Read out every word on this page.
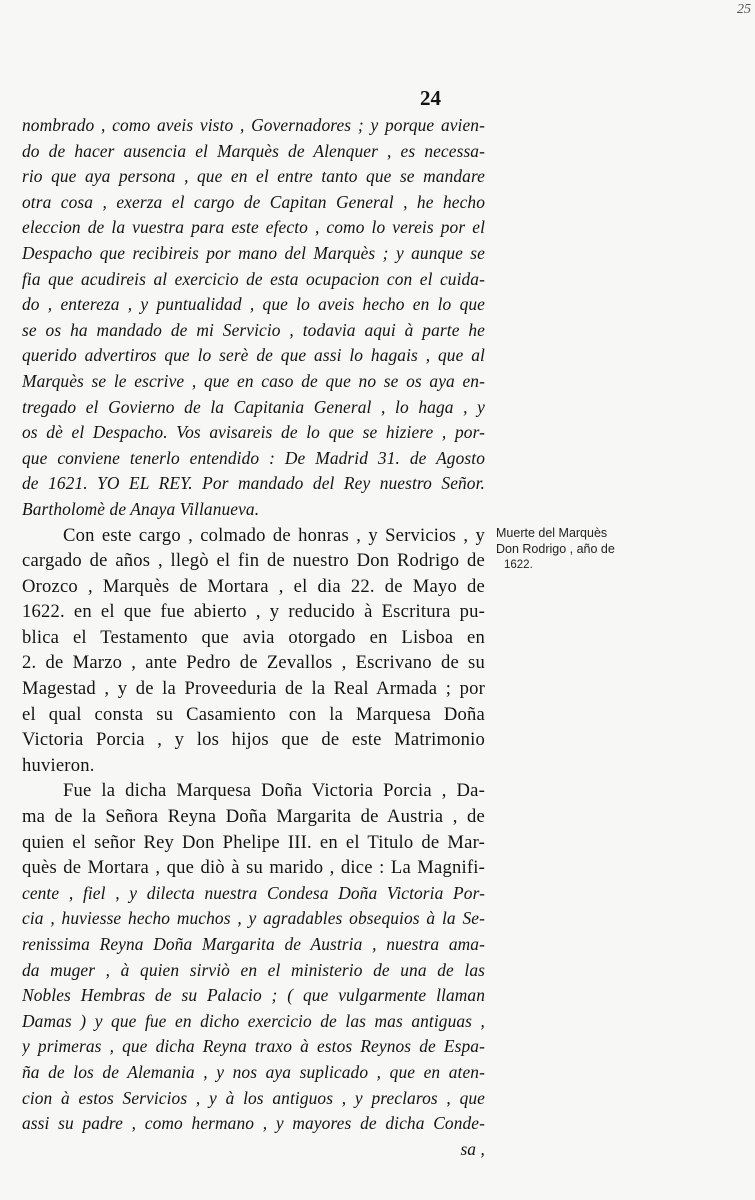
25
24
nombrado , como aveis visto , Governadores ; y porque avien-
do de hacer ausencia el Marquès de Alenquer , es necessa-
rio que aya persona , que en el entre tanto que se mandare
otra cosa , exerza el cargo de Capitan General , he hecho
eleccion de la vuestra para este efecto , como lo vereis por el
Despacho que recibireis por mano del Marquès ; y aunque se
fia que acudireis al exercicio de esta ocupacion con el cuida-
do , entereza , y puntualidad , que lo aveis hecho en lo que
se os ha mandado de mi Servicio , todavia aqui à parte he
querido advertiros que lo serè de que assi lo hagais , que al
Marquès se le escrive , que en caso de que no se os aya en-
tregado el Govierno de la Capitania General , lo haga , y
os dè el Despacho. Vos avisareis de lo que se hiziere , por-
que conviene tenerlo entendido : De Madrid 31. de Agosto
de 1621. YO EL REY. Por mandado del Rey nuestro Señor.
Bartholomè de Anaya Villanueva.
Con este cargo , colmado de honras , y Servicios , y
cargado de años , llegò el fin de nuestro Don Rodrigo de
Orozco , Marquès de Mortara , el dia 22. de Mayo de
1622. en el que fue abierto , y reducido à Escritura pu-
blica el Testamento que avia otorgado en Lisboa en
2. de Marzo , ante Pedro de Zevallos , Escrivano de su
Magestad , y de la Proveeduria de la Real Armada ; por
el qual consta su Casamiento con la Marquesa Doña
Victoria Porcia , y los hijos que de este Matrimonio
huvieron.
Fue la dicha Marquesa Doña Victoria Porcia , Da-
ma de la Señora Reyna Doña Margarita de Austria , de
quien el señor Rey Don Phelipe III. en el Titulo de Mar-
quès de Mortara , que diò à su marido , dice : La Magnifi-
cente , fiel , y dilecta nuestra Condesa Doña Victoria Por-
cia , huviesse hecho muchos , y agradables obsequios à la Se-
renissima Reyna Doña Margarita de Austria , nuestra ama-
da muger , à quien sirviò en el ministerio de una de las
Nobles Hembras de su Palacio ; ( que vulgarmente llaman
Damas ) y que fue en dicho exercicio de las mas antiguas ,
y primeras , que dicha Reyna traxo à estos Reynos de Espa-
ña de los de Alemania , y nos aya suplicado , que en aten-
cion à estos Servicios , y à los antiguos , y preclaros , que
assi su padre , como hermano , y mayores de dicha Conde-
sa ,
Muerte del Marquès
Don Rodrigo , año de
1622.
